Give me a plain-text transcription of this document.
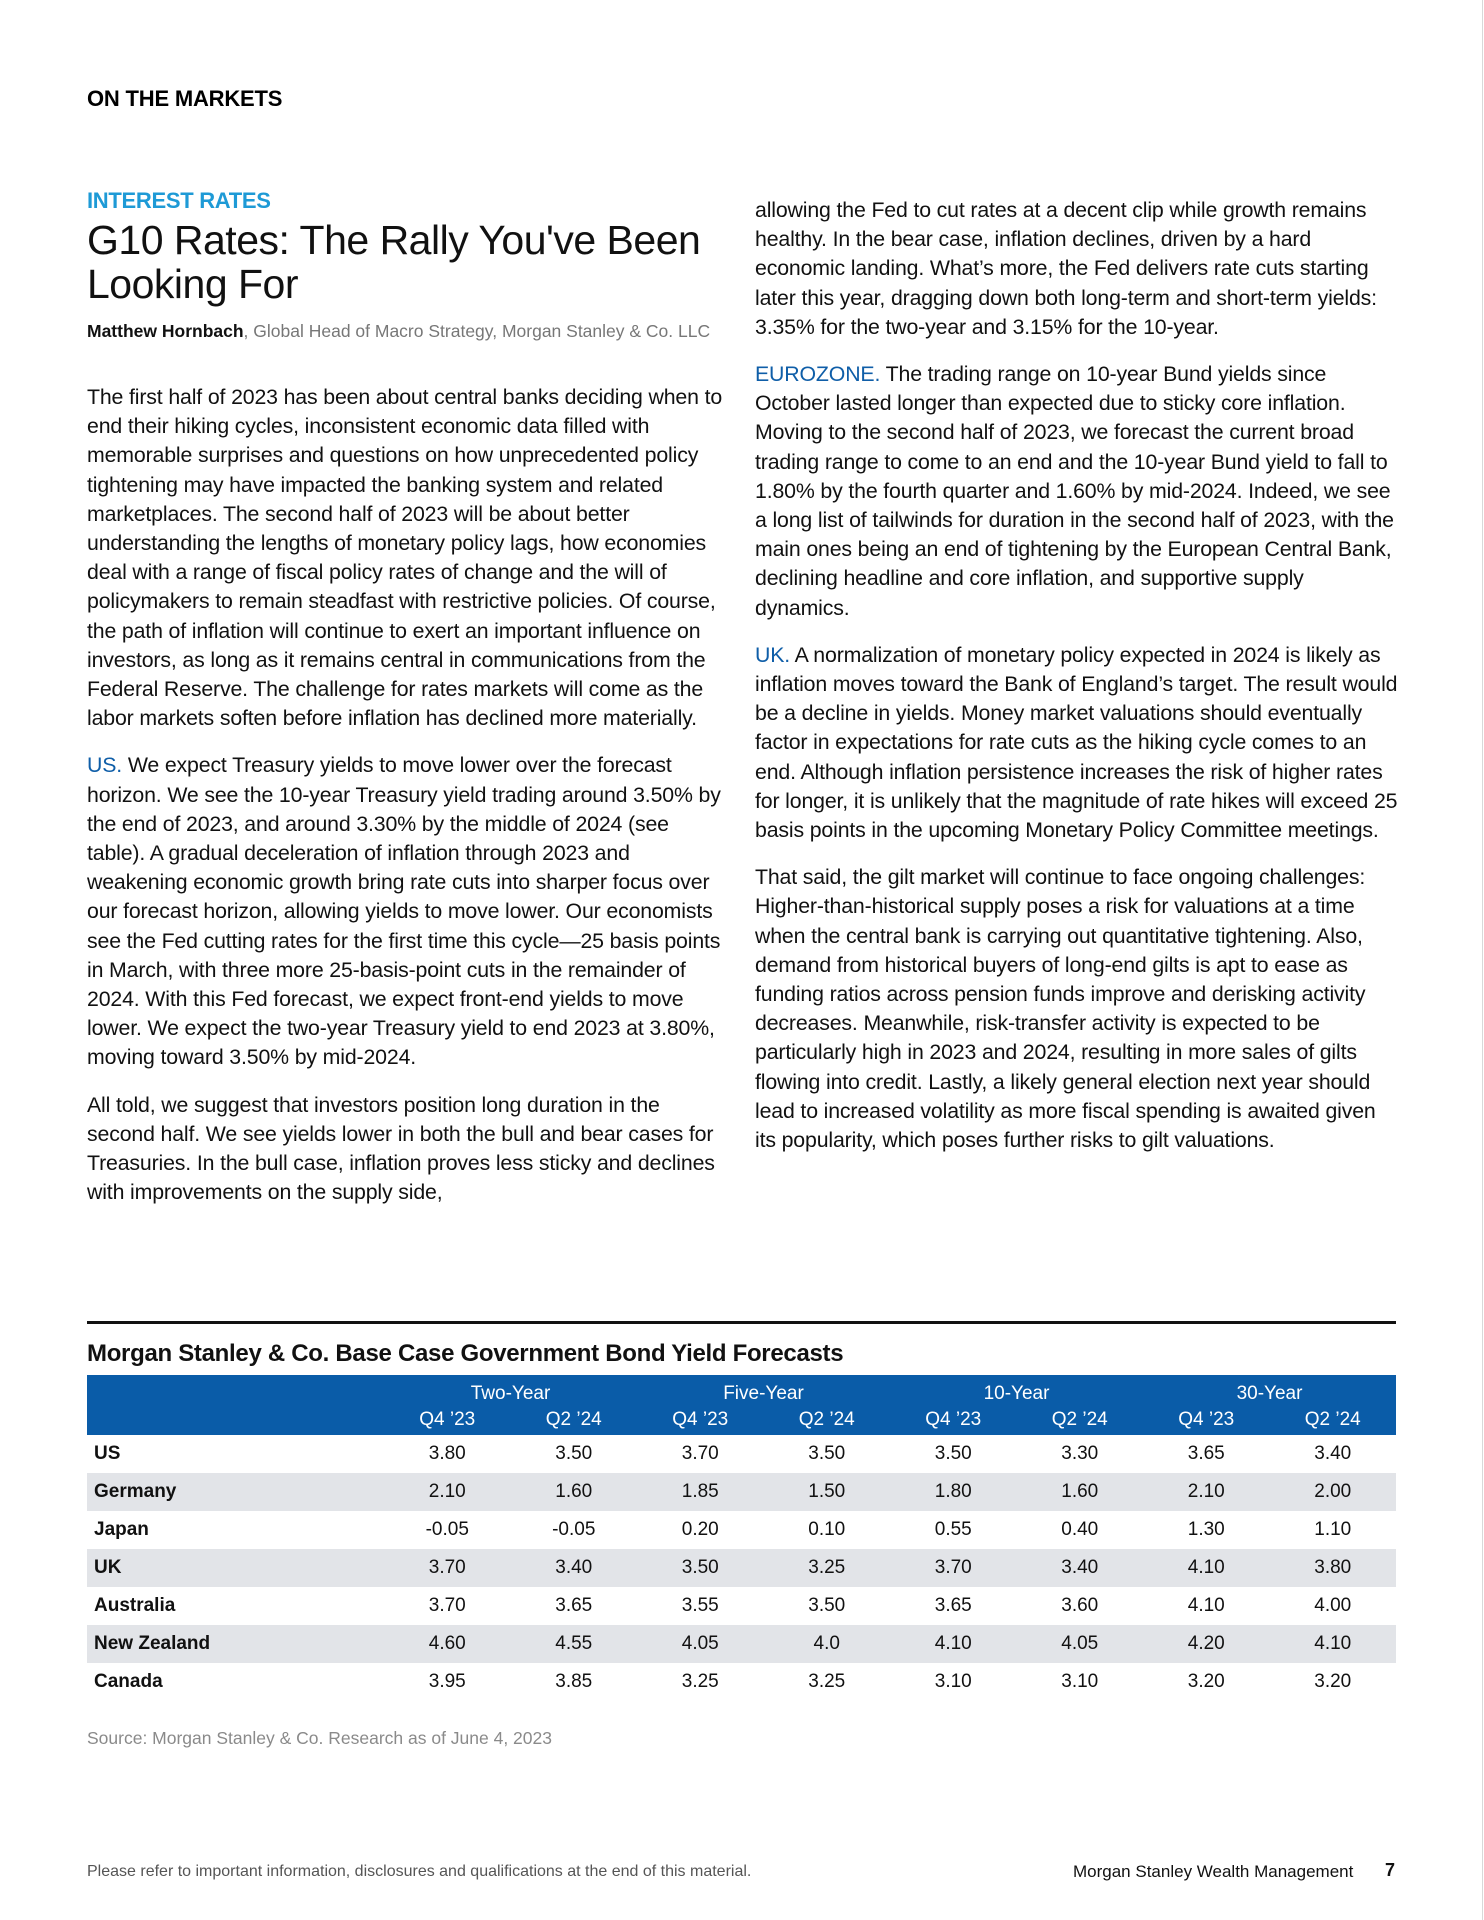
ON THE MARKETS
INTEREST RATES
G10 Rates: The Rally You've Been Looking For
Matthew Hornbach, Global Head of Macro Strategy, Morgan Stanley & Co. LLC

The first half of 2023 has been about central banks deciding when to end their hiking cycles, inconsistent economic data filled with memorable surprises and questions on how unprecedented policy tightening may have impacted the banking system and related marketplaces. The second half of 2023 will be about better understanding the lengths of monetary policy lags, how economies deal with a range of fiscal policy rates of change and the will of policymakers to remain steadfast with restrictive policies. Of course, the path of inflation will continue to exert an important influence on investors, as long as it remains central in communications from the Federal Reserve. The challenge for rates markets will come as the labor markets soften before inflation has declined more materially.

US. We expect Treasury yields to move lower over the forecast horizon. We see the 10-year Treasury yield trading around 3.50% by the end of 2023, and around 3.30% by the middle of 2024 (see table). A gradual deceleration of inflation through 2023 and weakening economic growth bring rate cuts into sharper focus over our forecast horizon, allowing yields to move lower. Our economists see the Fed cutting rates for the first time this cycle—25 basis points in March, with three more 25-basis-point cuts in the remainder of 2024. With this Fed forecast, we expect front-end yields to move lower. We expect the two-year Treasury yield to end 2023 at 3.80%, moving toward 3.50% by mid-2024.

All told, we suggest that investors position long duration in the second half. We see yields lower in both the bull and bear cases for Treasuries. In the bull case, inflation proves less sticky and declines with improvements on the supply side,

allowing the Fed to cut rates at a decent clip while growth remains healthy. In the bear case, inflation declines, driven by a hard economic landing. What’s more, the Fed delivers rate cuts starting later this year, dragging down both long-term and short-term yields: 3.35% for the two-year and 3.15% for the 10-year.

EUROZONE. The trading range on 10-year Bund yields since October lasted longer than expected due to sticky core inflation. Moving to the second half of 2023, we forecast the current broad trading range to come to an end and the 10-year Bund yield to fall to 1.80% by the fourth quarter and 1.60% by mid-2024. Indeed, we see a long list of tailwinds for duration in the second half of 2023, with the main ones being an end of tightening by the European Central Bank, declining headline and core inflation, and supportive supply dynamics.

UK. A normalization of monetary policy expected in 2024 is likely as inflation moves toward the Bank of England’s target. The result would be a decline in yields. Money market valuations should eventually factor in expectations for rate cuts as the hiking cycle comes to an end. Although inflation persistence increases the risk of higher rates for longer, it is unlikely that the magnitude of rate hikes will exceed 25 basis points in the upcoming Monetary Policy Committee meetings.

That said, the gilt market will continue to face ongoing challenges: Higher-than-historical supply poses a risk for valuations at a time when the central bank is carrying out quantitative tightening. Also, demand from historical buyers of long-end gilts is apt to ease as funding ratios across pension funds improve and derisking activity decreases. Meanwhile, risk-transfer activity is expected to be particularly high in 2023 and 2024, resulting in more sales of gilts flowing into credit. Lastly, a likely general election next year should lead to increased volatility as more fiscal spending is awaited given its popularity, which poses further risks to gilt valuations.

Morgan Stanley & Co. Base Case Government Bond Yield Forecasts
	Two-Year		Five-Year		10-Year		30-Year	
	Q4 ’23	Q2 ’24	Q4 ’23	Q2 ’24	Q4 ’23	Q2 ’24	Q4 ’23	Q2 ’24
US	3.80	3.50	3.70	3.50	3.50	3.30	3.65	3.40
Germany	2.10	1.60	1.85	1.50	1.80	1.60	2.10	2.00
Japan	-0.05	-0.05	0.20	0.10	0.55	0.40	1.30	1.10
UK	3.70	3.40	3.50	3.25	3.70	3.40	4.10	3.80
Australia	3.70	3.65	3.55	3.50	3.65	3.60	4.10	4.00
New Zealand	4.60	4.55	4.05	4.0	4.10	4.05	4.20	4.10
Canada	3.95	3.85	3.25	3.25	3.10	3.10	3.20	3.20
Source: Morgan Stanley & Co. Research as of June 4, 2023
Please refer to important information, disclosures and qualifications at the end of this material.	Morgan Stanley Wealth Management 7
